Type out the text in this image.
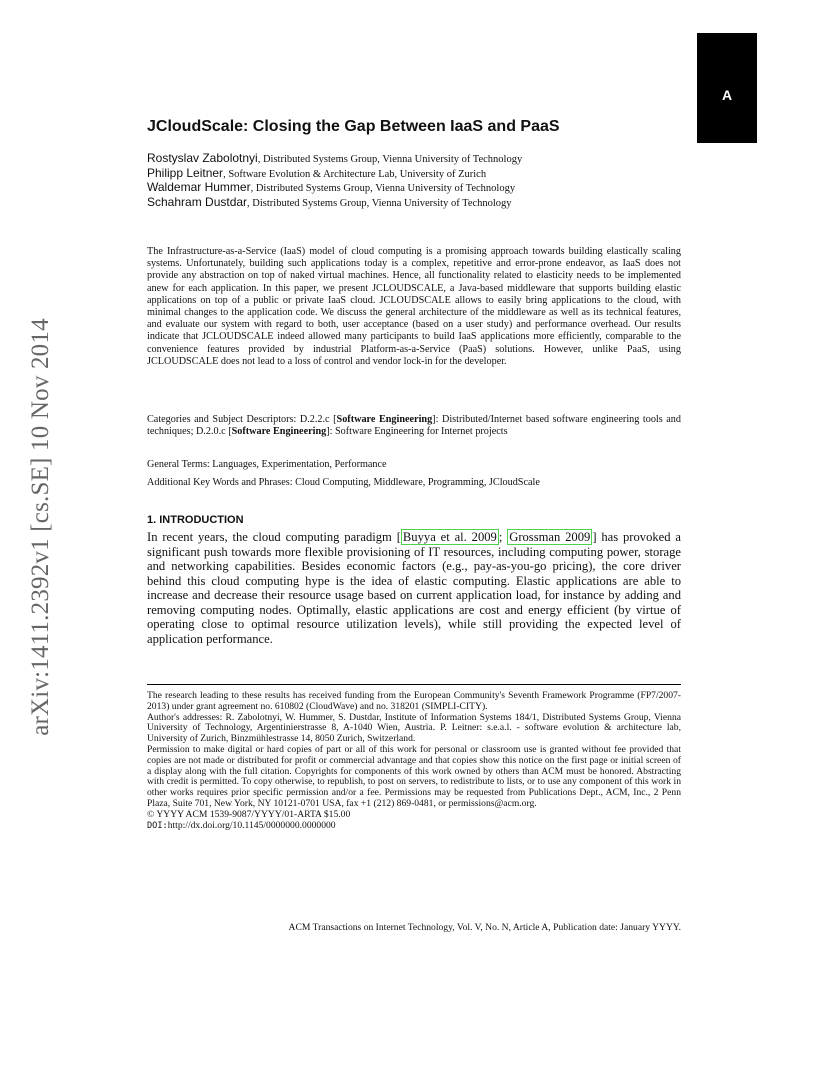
A
arXiv:1411.2392v1 [cs.SE] 10 Nov 2014
JCloudScale: Closing the Gap Between IaaS and PaaS
Rostyslav Zabolotnyi, Distributed Systems Group, Vienna University of Technology
Philipp Leitner, Software Evolution & Architecture Lab, University of Zurich
Waldemar Hummer, Distributed Systems Group, Vienna University of Technology
Schahram Dustdar, Distributed Systems Group, Vienna University of Technology

The Infrastructure-as-a-Service (IaaS) model of cloud computing is a promising approach towards building elastically scaling systems. Unfortunately, building such applications today is a complex, repetitive and error-prone endeavor, as IaaS does not provide any abstraction on top of naked virtual machines. Hence, all functionality related to elasticity needs to be implemented anew for each application. In this paper, we present JCLOUDSCALE, a Java-based middleware that supports building elastic applications on top of a public or private IaaS cloud. JCLOUDSCALE allows to easily bring applications to the cloud, with minimal changes to the application code. We discuss the general architecture of the middleware as well as its technical features, and evaluate our system with regard to both, user acceptance (based on a user study) and performance overhead. Our results indicate that JCLOUDSCALE indeed allowed many participants to build IaaS applications more efficiently, comparable to the convenience features provided by industrial Platform-as-a-Service (PaaS) solutions. However, unlike PaaS, using JCLOUDSCALE does not lead to a loss of control and vendor lock-in for the developer.

Categories and Subject Descriptors: D.2.2.c [Software Engineering]: Distributed/Internet based software engineering tools and techniques; D.2.0.c [Software Engineering]: Software Engineering for Internet projects

General Terms: Languages, Experimentation, Performance

Additional Key Words and Phrases: Cloud Computing, Middleware, Programming, JCloudScale

1. INTRODUCTION

In recent years, the cloud computing paradigm [ Buyya et al. 2009 ; Grossman 2009 ] has provoked a significant push towards more flexible provisioning of IT resources, including computing power, storage and networking capabilities. Besides economic factors (e.g., pay-as-you-go pricing), the core driver behind this cloud computing hype is the idea of elastic computing. Elastic applications are able to increase and decrease their resource usage based on current application load, for instance by adding and removing computing nodes. Optimally, elastic applications are cost and energy efficient (by virtue of operating close to optimal resource utilization levels), while still providing the expected level of application performance.

The research leading to these results has received funding from the European Community's Seventh Framework Programme (FP7/2007-2013) under grant agreement no. 610802 (CloudWave) and no. 318201 (SIMPLI-CITY).

Author's addresses: R. Zabolotnyi, W. Hummer, S. Dustdar, Institute of Information Systems 184/1, Distributed Systems Group, Vienna University of Technology, Argentinierstrasse 8, A-1040 Wien, Austria. P. Leitner: s.e.a.l. - software evolution & architecture lab, University of Zurich, Binzmühlestrasse 14, 8050 Zurich, Switzerland.

Permission to make digital or hard copies of part or all of this work for personal or classroom use is granted without fee provided that copies are not made or distributed for profit or commercial advantage and that copies show this notice on the first page or initial screen of a display along with the full citation. Copyrights for components of this work owned by others than ACM must be honored. Abstracting with credit is permitted. To copy otherwise, to republish, to post on servers, to redistribute to lists, or to use any component of this work in other works requires prior specific permission and/or a fee. Permissions may be requested from Publications Dept., ACM, Inc., 2 Penn Plaza, Suite 701, New York, NY 10121-0701 USA, fax +1 (212) 869-0481, or permissions@acm.org.

© YYYY ACM 1539-9087/YYYY/01-ARTA $15.00

DOI:http://dx.doi.org/10.1145/0000000.0000000

ACM Transactions on Internet Technology, Vol. V, No. N, Article A, Publication date: January YYYY.
